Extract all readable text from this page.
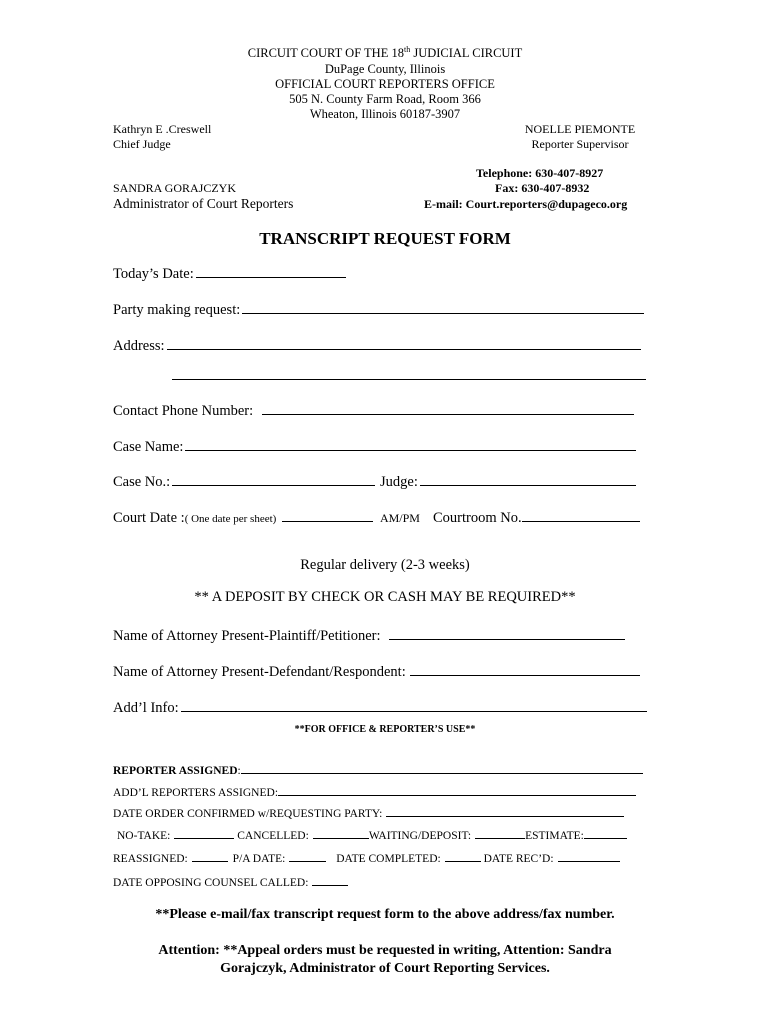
CIRCUIT COURT OF THE 18th JUDICIAL CIRCUIT
DuPage County, Illinois
OFFICIAL COURT REPORTERS OFFICE
505 N. County Farm Road, Room 366
Wheaton, Illinois 60187-3907
Kathryn E .Creswell
Chief Judge
SANDRA GORAJCZYK
Administrator of Court Reporters
NOELLE PIEMONTE
Reporter Supervisor
Telephone: 630-407-8927
Fax: 630-407-8932
E-mail: Court.reporters@dupageco.org
TRANSCRIPT REQUEST FORM
Today’s Date:
Party making request:
Address:
Contact Phone Number:
Case Name:
Case No.:	Judge:
Court Date :( One date per sheet)	AM/PM Courtroom No.
Regular delivery (2-3 weeks)
** A DEPOSIT BY CHECK OR CASH MAY BE REQUIRED**
Name of Attorney Present-Plaintiff/Petitioner:
Name of Attorney Present-Defendant/Respondent:
Add’l Info:
**FOR OFFICE & REPORTER’S USE**
REPORTER ASSIGNED:
ADD’L REPORTERS ASSIGNED:
DATE ORDER CONFIRMED w/REQUESTING PARTY:
NO-TAKE:	CANCELLED:	WAITING/DEPOSIT:	ESTIMATE:
REASSIGNED:	P/A DATE:	DATE COMPLETED:	DATE REC’D:
DATE OPPOSING COUNSEL CALLED:
**Please e-mail/fax transcript request form to the above address/fax number.
Attention: **Appeal orders must be requested in writing, Attention: Sandra
Gorajczyk, Administrator of Court Reporting Services.
